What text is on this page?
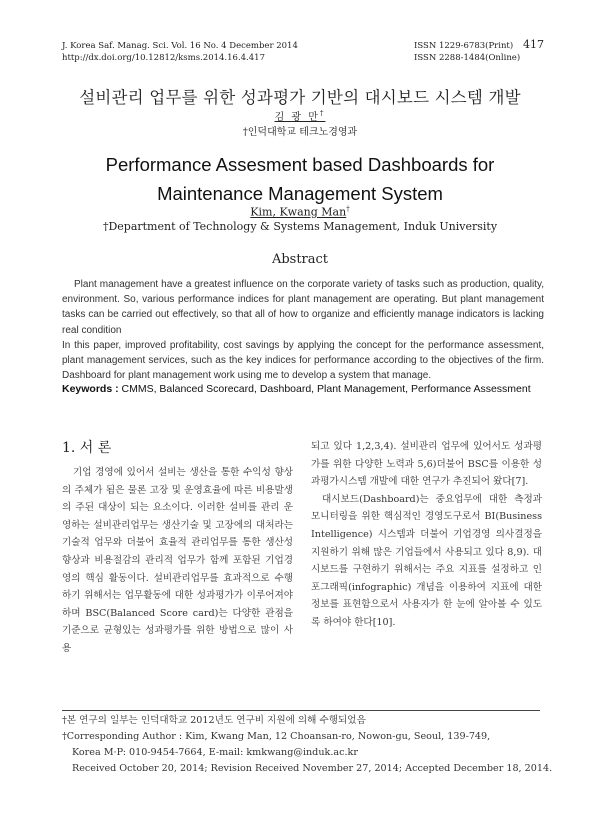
J. Korea Saf. Manag. Sci. Vol. 16 No. 4 December 2014
http://dx.doi.org/10.12812/ksms.2014.16.4.417
ISSN 1229-6783(Print)
ISSN 2288-1484(Online)
417
설비관리 업무를 위한 성과평가 기반의 대시보드 시스템 개발
김 광 만†
†인덕대학교 테크노경영과
Performance Assesment based Dashboards for Maintenance Management System
Kim, Kwang Man†
†Department of Technology & Systems Management, Induk University
Abstract

Plant management have a greatest influence on the corporate variety of tasks such as production, quality, environment. So, various performance indices for plant management are operating. But plant management tasks can be carried out effectively, so that all of how to organize and efficiently manage indicators is lacking real condition

In this paper, improved profitability, cost savings by applying the concept for the performance assessment, plant management services, such as the key indices for performance according to the objectives of the firm. Dashboard for plant management work using me to develop a system that manage.

Keywords : CMMS, Balanced Scorecard, Dashboard, Plant Management, Performance Assessment
1. 서 론

기업 경영에 있어서 설비는 생산을 통한 수익성 향상의 주체가 됨은 물론 고장 및 운영효율에 따른 비용발생 의 주된 대상이 되는 요소이다. 이러한 설비를 관리 운영하는 설비관리업무는 생산기술 및 고장에의 대처라는 기술적 업무와 더불어 효율적 관리업무를 통한 생산성 향상과 비용절감의 관리적 업무가 함께 포함된 기업경영의 핵심 활동이다. 설비관리업무를 효과적으로 수행하기 위해서는 업무활동에 대한 성과평가가 이루어져야 하며 BSC(Balanced Score card)는 다양한 관점을 기준으로 균형있는 성과평가를 위한 방법으로 많이 사용

되고 있다 1,2,3,4). 설비관리 업무에 있어서도 성과평가를 위한 다양한 노력과 5,6)더불어 BSC를 이용한 성과평가시스템 개발에 대한 연구가 추진되어 왔다[7].

대시보드(Dashboard)는 중요업무에 대한 측정과 모니터링을 위한 핵심적인 경영도구로서 BI(Business Intelligence) 시스템과 더불어 기업경영 의사결정을 지원하기 위해 많은 기업들에서 사용되고 있다 8,9). 대시보드를 구현하기 위해서는 주요 지표를 설정하고 인포그래픽(infographic) 개념을 이용하여 지표에 대한 정보를 표현함으로서 사용자가 한 눈에 알아볼 수 있도록 하여야 한다[10].

†본 연구의 일부는 인덕대학교 2012년도 연구비 지원에 의해 수행되었음
†Corresponding Author : Kim, Kwang Man, 12 Choansan-ro, Nowon-gu, Seoul, 139-749,
Korea M·P: 010-9454-7664, E-mail: kmkwang@induk.ac.kr
Received October 20, 2014; Revision Received November 27, 2014; Accepted December 18, 2014.
